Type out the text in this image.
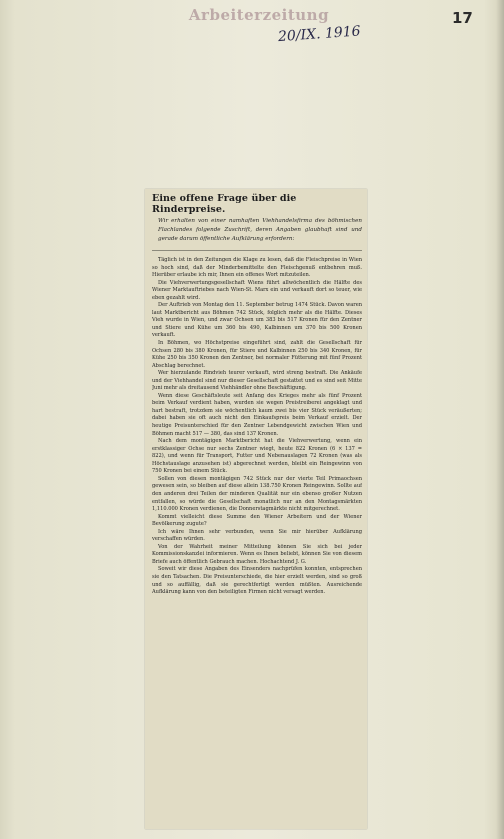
Arbeiterzeitung	17
20/IX. 1916

Eine offene Frage über die Rinderpreise.

Wir erhalten von einer namhaften Viehhandelsfirma des böhmischen Flachlandes folgende Zuschrift, deren Angaben glaubhaft sind und gerade darum öffentliche Aufklärung erfordern:

Täglich ist in den Zeitungen die Klage zu lesen, daß die Fleischpreise in Wien so hoch sind, daß der Minderbemittelte den Fleischgenuß entbehren muß. Hierüber erlaube ich mir, Ihnen ein offenes Wort mitzuteilen.

Die Viehverwertungsgesellschaft Wiens führt allwöchentlich die Hälfte des Wiener Marktauftriebes nach Wien-St. Marx ein und verkauft dort so teuer, wie eben gezahlt wird.

Der Auftrieb von Montag den 11. September betrug 1474 Stück. Davon waren laut Marktbericht aus Böhmen 742 Stück, folglich mehr als die Hälfte. Dieses Vieh wurde in Wien, und zwar Ochsen um 383 bis 517 Kronen für den Zentner und Stiere und Kühe um 360 bis 490, Kalbinnen um 370 bis 500 Kronen verkauft.

In Böhmen, wo Höchstpreise eingeführt sind, zahlt die Gesellschaft für Ochsen 280 bis 380 Kronen, für Stiere und Kalbinnen 250 bis 340 Kronen, für Kühe 250 bis 350 Kronen den Zentner, bei normaler Fütterung mit fünf Prozent Abschlag berechnet.

Wer hierzulande Rindvieh teurer verkauft, wird streng bestraft. Die Ankäufe und der Viehhandel sind nur dieser Gesellschaft gestattet und es sind seit Mitte Juni mehr als dreitausend Viehhändler ohne Beschäftigung.

Wenn diese Geschäftsleute seit Anfang des Krieges mehr als fünf Prozent beim Verkauf verdient haben, wurden sie wegen Preistreiberei angeklagt und hart bestraft, trotzdem sie wöchentlich kaum zwei bis vier Stück veräußerten; dabei haben sie oft auch nicht den Einkaufspreis beim Verkauf erzielt. Der heutige Preisunterschied für den Zentner Lebendgewicht zwischen Wien und Böhmen macht 517 — 380, das sind 137 Kronen.

Nach dem montägigen Marktbericht hat die Viehverwertung, wenn ein erstklassiger Ochse nur sechs Zentner wiegt, heute 822 Kronen (6 × 137 = 822), und wenn für Transport, Futter und Nebenauslagen 72 Kronen (was als Höchstauslage anzusehen ist) abgerechnet werden, bleibt ein Reingewinn von 750 Kronen bei einem Stück.

Sollen von diesen montägigen 742 Stück nur der vierte Teil Primaochsen gewesen sein, so bleiben auf diese allein 138.750 Kronen Reingewinn. Sollte auf den anderen drei Teilen der minderen Qualität nur ein ebenso großer Nutzen entfallen, so würde die Gesellschaft monatlich nur an den Montagsmärkten 1,110.000 Kronen verdienen, die Donnerstagmärkte nicht mitgerechnet.

Kommt vielleicht diese Summe den Wiener Arbeitern und der Wiener Bevölkerung zugute?

Ich wäre Ihnen sehr verbunden, wenn Sie mir hierüber Aufklärung verschaffen würden.

Von der Wahrheit meiner Mitteilung können Sie sich bei jeder Kommissionskanzlei informieren. Wenn es Ihnen beliebt, können Sie von diesem Briefe auch öffentlich Gebrauch machen. Hochachtend J. G.

Soweit wir diese Angaben des Einsenders nachprüfen konnten, entsprechen sie den Tatsachen. Die Preisunterschiede, die hier erzielt werden, sind so groß und so auffällig, daß sie gerechtfertigt werden müßten. Ausreichende Aufklärung kann von den beteiligten Firmen nicht versagt werden.
